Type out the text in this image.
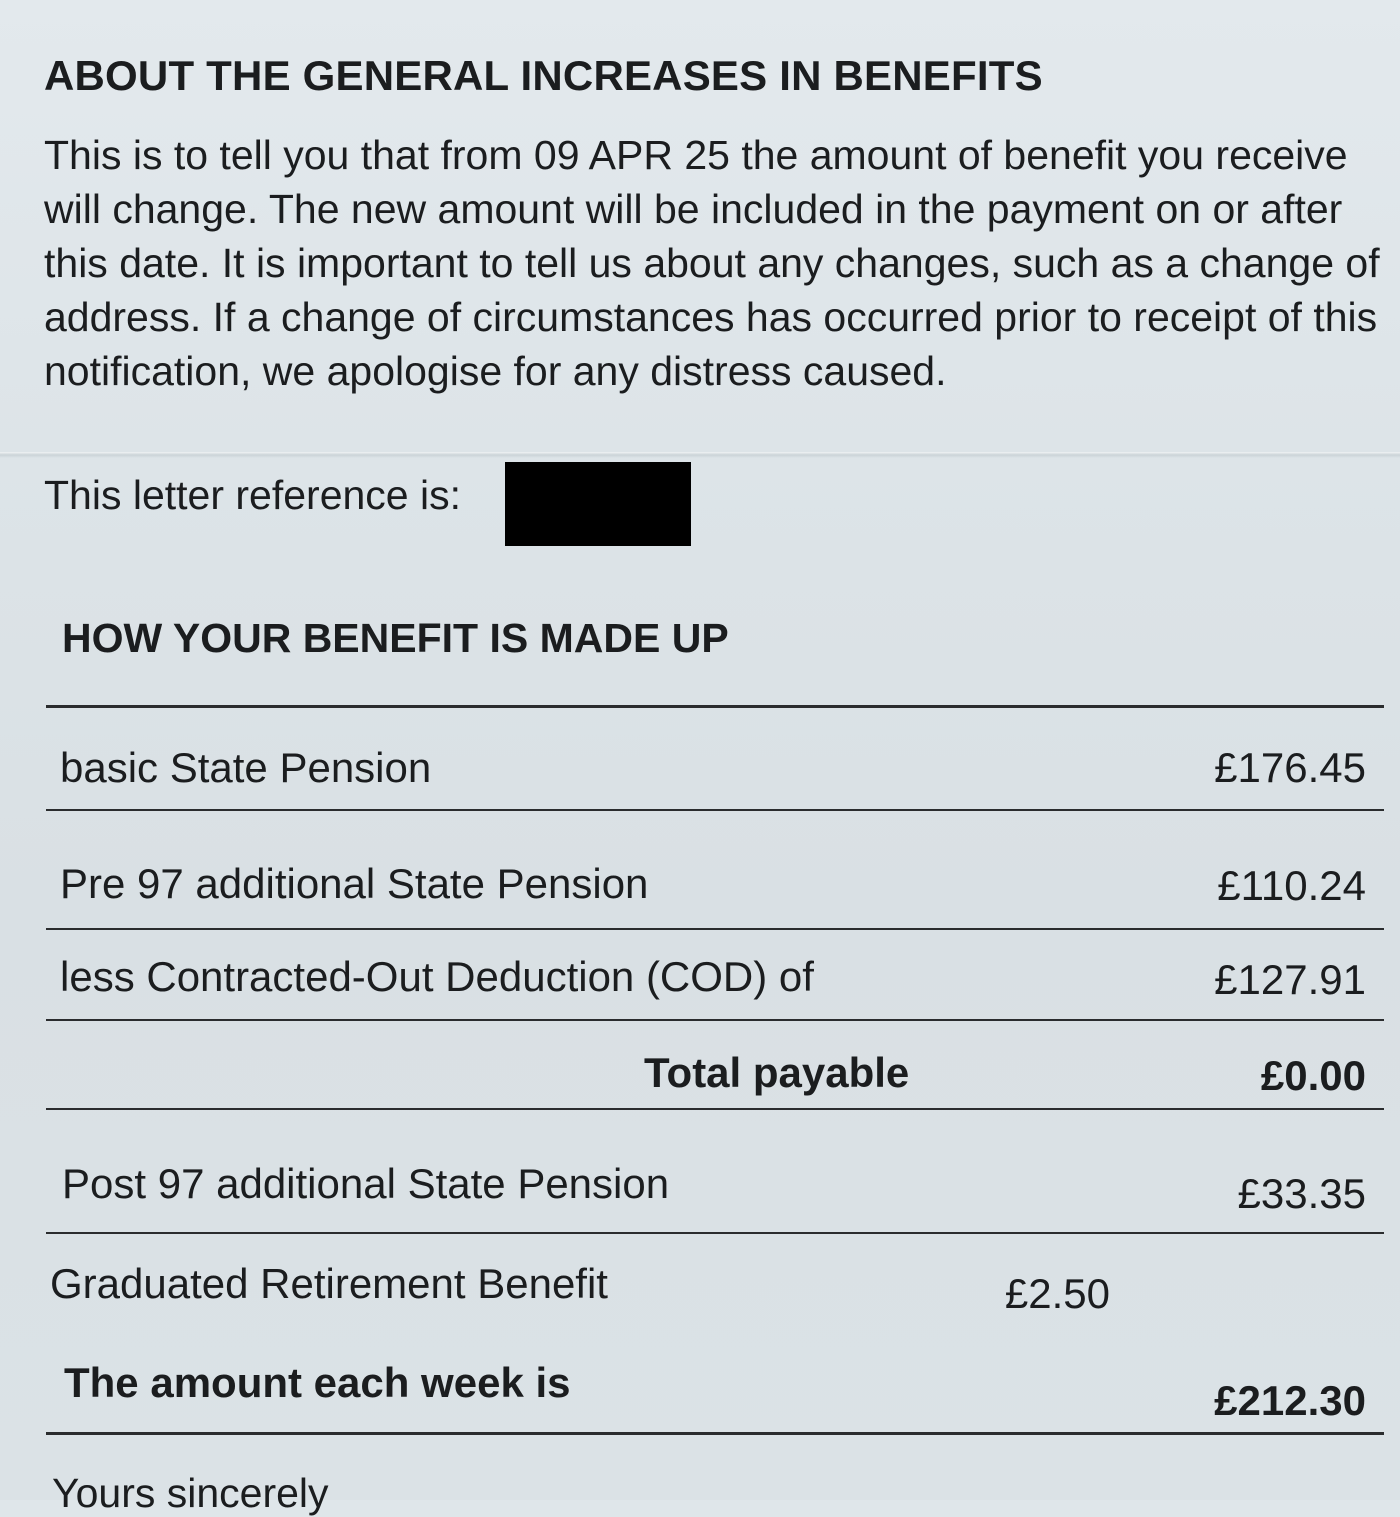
ABOUT THE GENERAL INCREASES IN BENEFITS

This is to tell you that from 09 APR 25 the amount of benefit you receive will change. The new amount will be included in the payment on or after this date. It is important to tell us about any changes, such as a change of address. If a change of circumstances has occurred prior to receipt of this notification, we apologise for any distress caused.

This letter reference is:
HOW YOUR BENEFIT IS MADE UP
basic State Pension	£176.45
Pre 97 additional State Pension	£110.24
less Contracted-Out Deduction (COD) of	£127.91
Total payable	£0.00
Post 97 additional State Pension	£33.35
Graduated Retirement Benefit	£2.50
The amount each week is	£212.30
Yours sincerely
